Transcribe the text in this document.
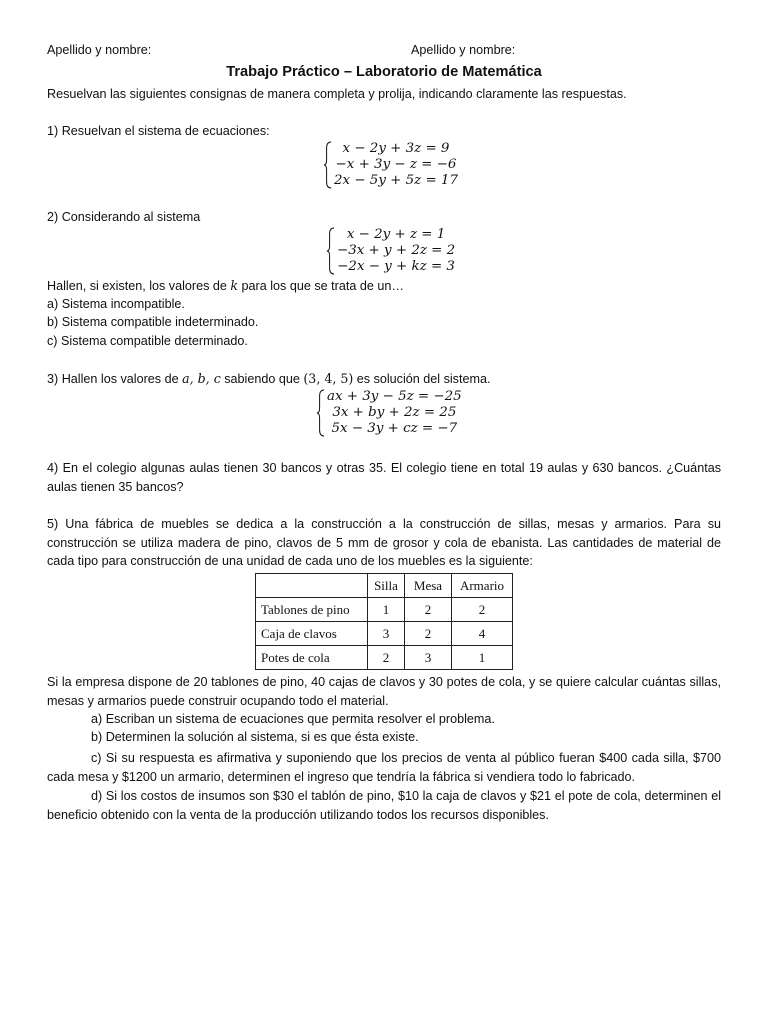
Apellido y nombre:	Apellido y nombre:
Trabajo Práctico – Laboratorio de Matemática
Resuelvan las siguientes consignas de manera completa y prolija, indicando claramente las respuestas.
1) Resuelvan el sistema de ecuaciones:
x − 2y + 3z = 9
−x + 3y − z = −6
2x − 5y + 5z = 17
2) Considerando al sistema
x − 2y + z = 1
−3x + y + 2z = 2
−2x − y + kz = 3
Hallen, si existen, los valores de k para los que se trata de un…
a) Sistema incompatible.
b) Sistema compatible indeterminado.
c) Sistema compatible determinado.
3) Hallen los valores de a, b, c sabiendo que (3, 4, 5) es solución del sistema.
ax + 3y − 5z = −25
3x + by + 2z = 25
5x − 3y + cz = −7
4) En el colegio algunas aulas tienen 30 bancos y otras 35. El colegio tiene en total 19 aulas y 630 bancos. ¿Cuántas aulas tienen 35 bancos?
5) Una fábrica de muebles se dedica a la construcción a la construcción de sillas, mesas y armarios. Para su construcción se utiliza madera de pino, clavos de 5 mm de grosor y cola de ebanista. Las cantidades de material de cada tipo para construcción de una unidad de cada uno de los muebles es la siguiente:
	Silla	Mesa	Armario
Tablones de pino	1	2	2
Caja de clavos	3	2	4
Potes de cola	2	3	1
Si la empresa dispone de 20 tablones de pino, 40 cajas de clavos y 30 potes de cola, y se quiere calcular cuántas sillas, mesas y armarios puede construir ocupando todo el material.
a) Escriban un sistema de ecuaciones que permita resolver el problema.
b) Determinen la solución al sistema, si es que ésta existe.
c) Si su respuesta es afirmativa y suponiendo que los precios de venta al público fueran $400 cada silla, $700 cada mesa y $1200 un armario, determinen el ingreso que tendría la fábrica si vendiera todo lo fabricado.
d) Si los costos de insumos son $30 el tablón de pino, $10 la caja de clavos y $21 el pote de cola, determinen el beneficio obtenido con la venta de la producción utilizando todos los recursos disponibles.
